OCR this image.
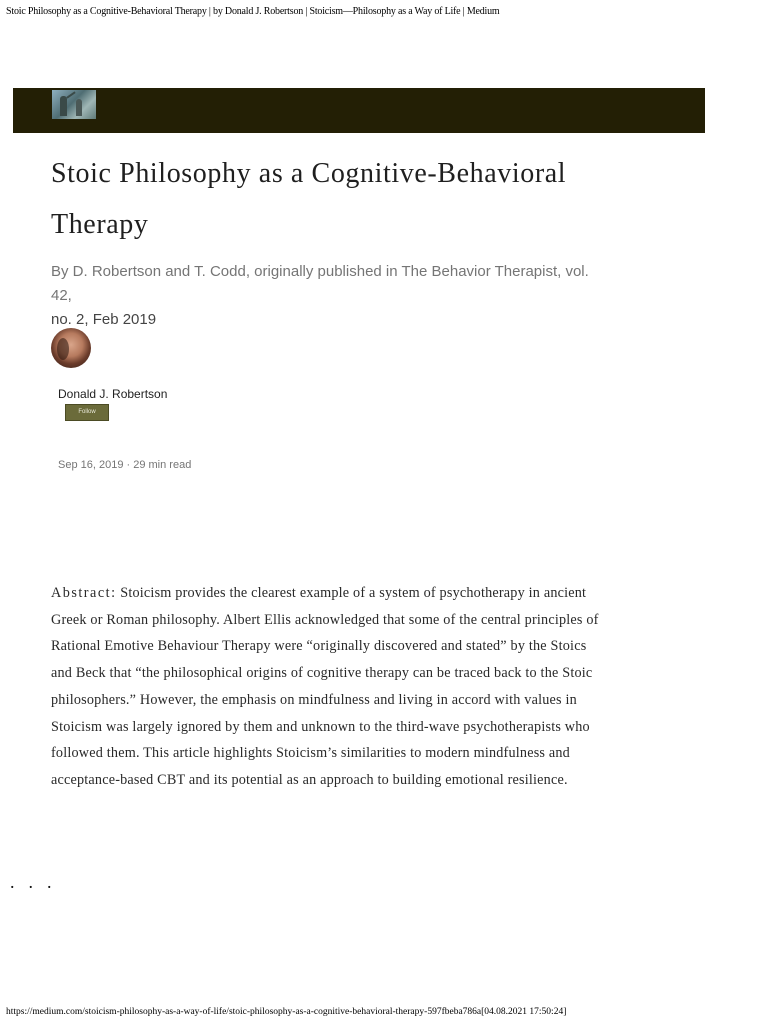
Stoic Philosophy as a Cognitive-Behavioral Therapy | by Donald J. Robertson | Stoicism—Philosophy as a Way of Life | Medium
Stoic Philosophy as a Cognitive-Behavioral Therapy

By D. Robertson and T. Codd, originally published in The Behavior Therapist, vol. 42,
no. 2, Feb 2019

Donald J. Robertson
Follow
Sep 16, 2019 · 29 min read

Abstract: Stoicism provides the clearest example of a system of psychotherapy in ancient Greek or Roman philosophy. Albert Ellis acknowledged that some of the central principles of Rational Emotive Behaviour Therapy were “originally discovered and stated” by the Stoics and Beck that “the philosophical origins of cognitive therapy can be traced back to the Stoic philosophers.” However, the emphasis on mindfulness and living in accord with values in Stoicism was largely ignored by them and unknown to the third-wave psychotherapists who followed them. This article highlights Stoicism’s similarities to modern mindfulness and acceptance-based CBT and its potential as an approach to building emotional resilience.

...
https://medium.com/stoicism-philosophy-as-a-way-of-life/stoic-philosophy-as-a-cognitive-behavioral-therapy-597fbeba786a[04.08.2021 17:50:24]
